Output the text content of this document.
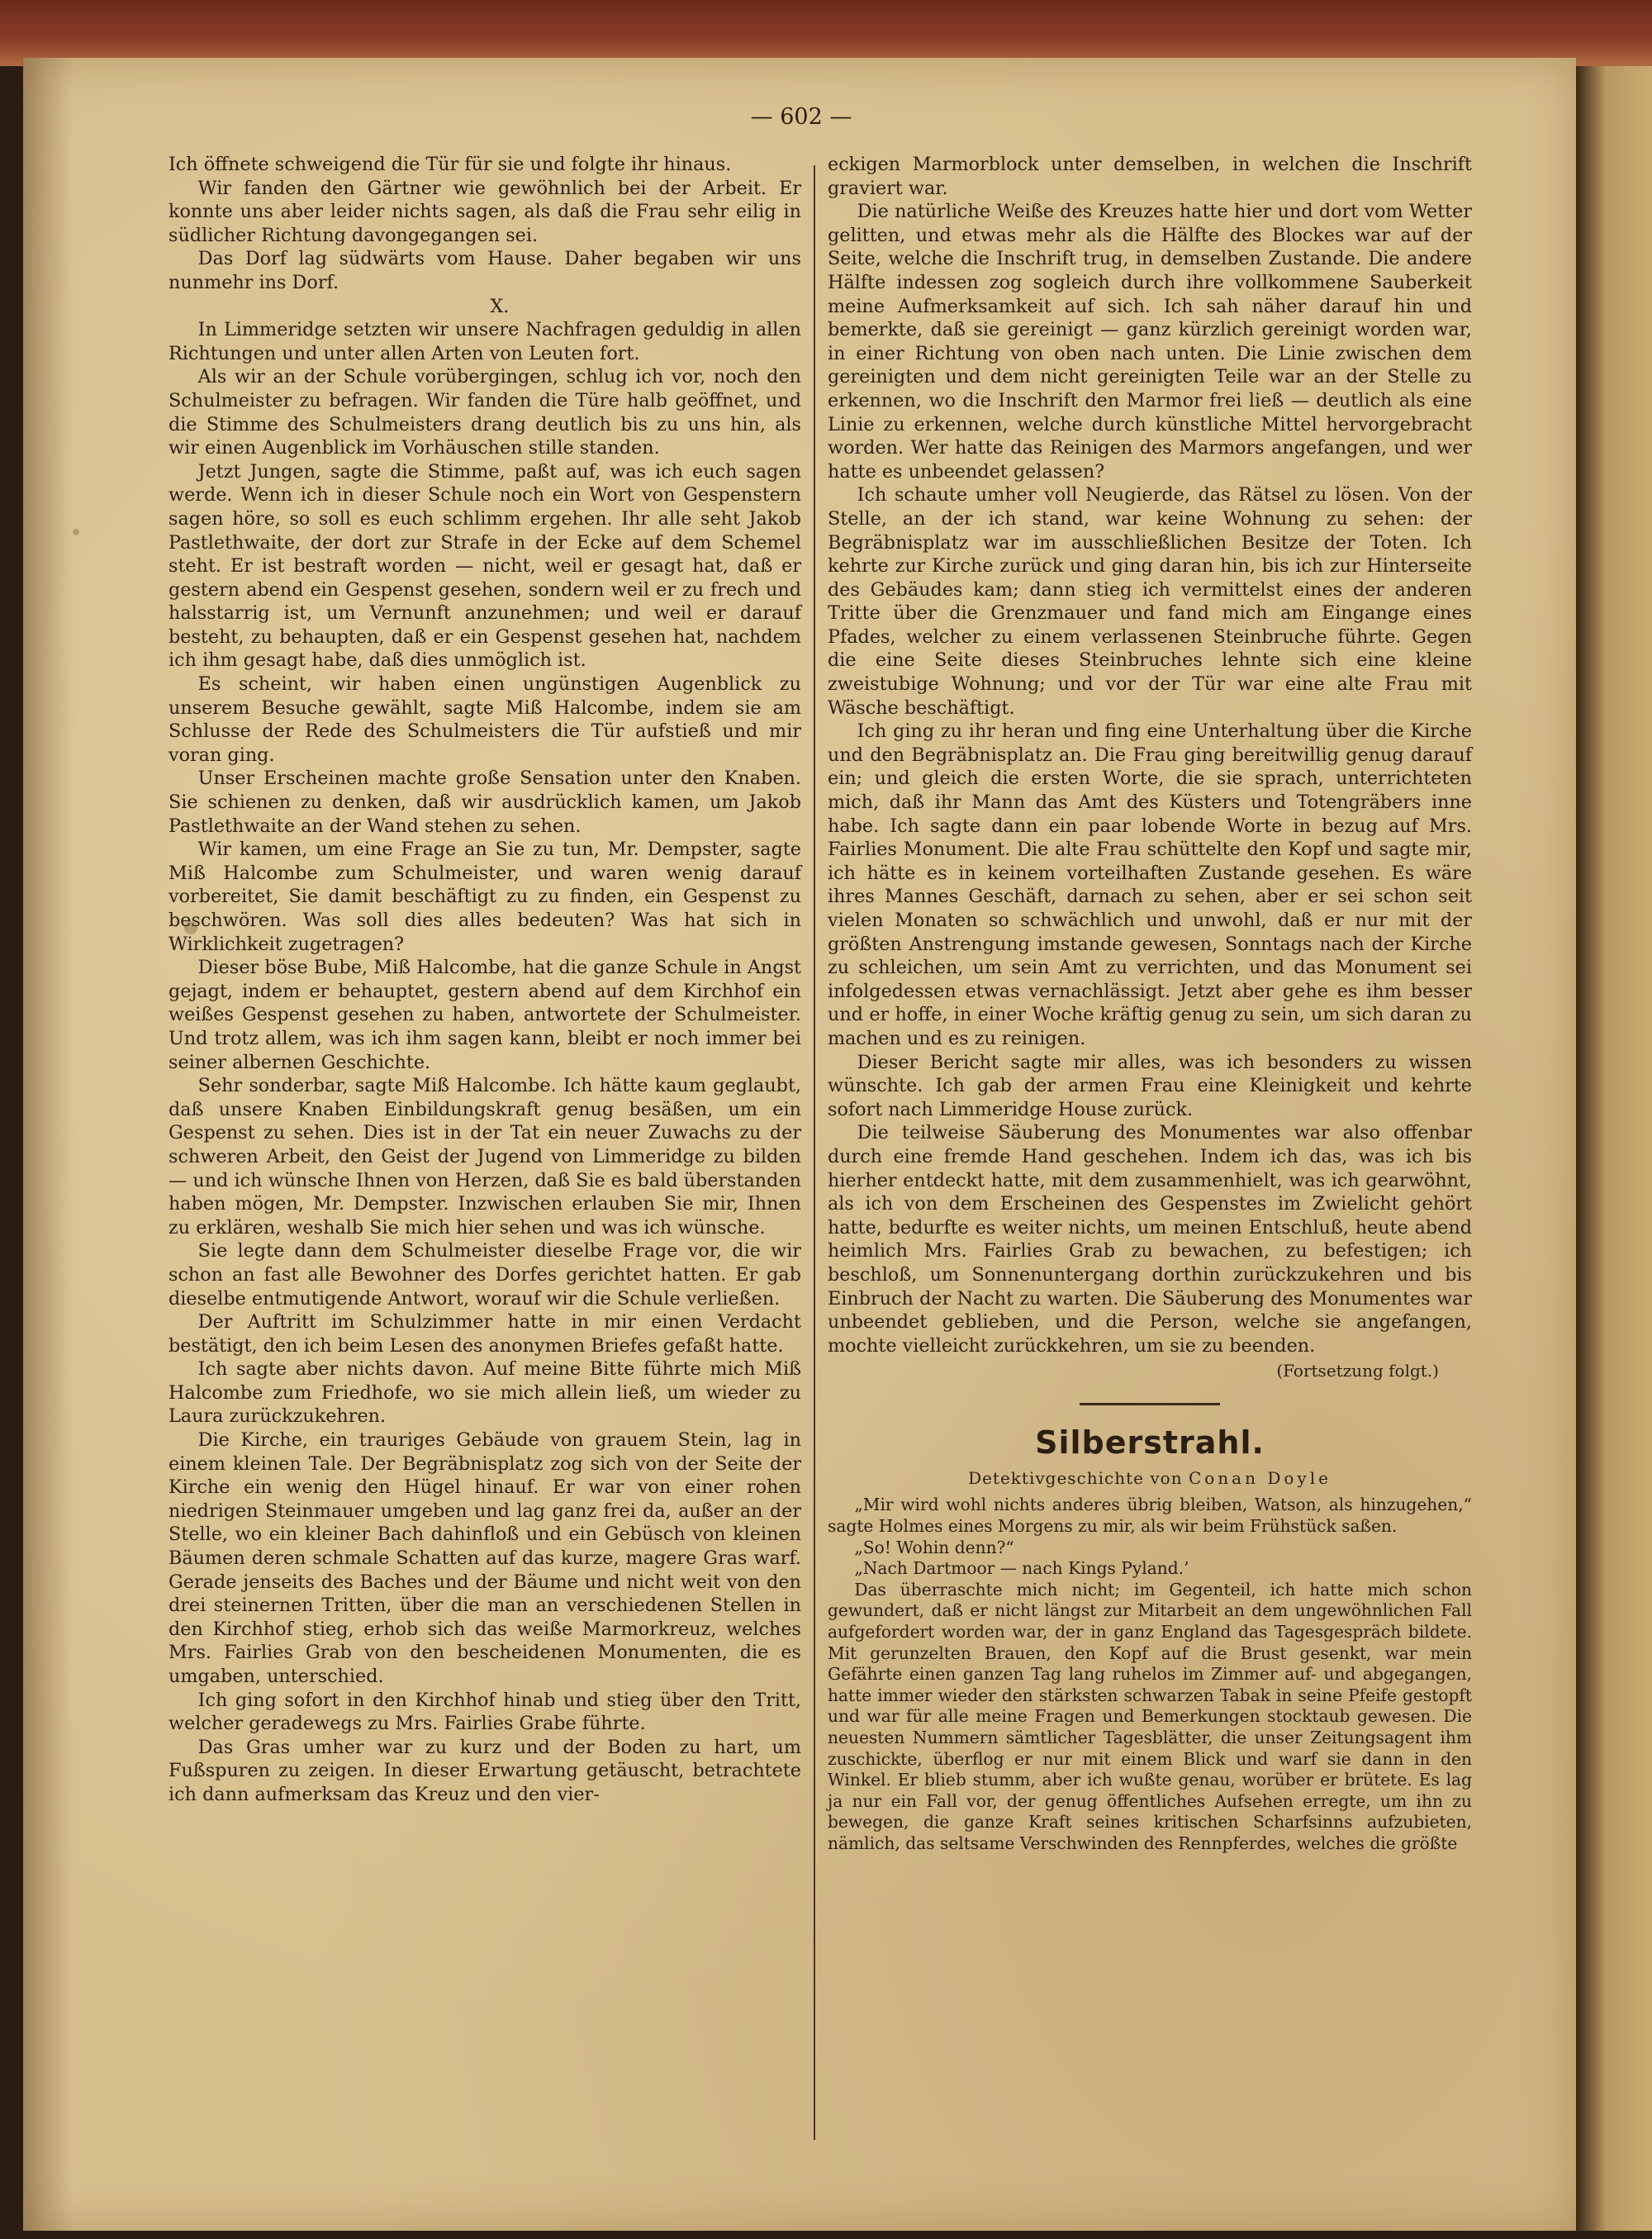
— 602 —

Ich öffnete schweigend die Tür für sie und folgte ihr hinaus.

Wir fanden den Gärtner wie gewöhnlich bei der Arbeit. Er konnte uns aber leider nichts sagen, als daß die Frau sehr eilig in südlicher Richtung davongegangen sei.

Das Dorf lag südwärts vom Hause. Daher begaben wir uns nunmehr ins Dorf.

X.

In Limmeridge setzten wir unsere Nachfragen geduldig in allen Richtungen und unter allen Arten von Leuten fort.

Als wir an der Schule vorübergingen, schlug ich vor, noch den Schulmeister zu befragen. Wir fanden die Türe halb geöffnet, und die Stimme des Schulmeisters drang deutlich bis zu uns hin, als wir einen Augenblick im Vorhäuschen stille standen.

Jetzt Jungen, sagte die Stimme, paßt auf, was ich euch sagen werde. Wenn ich in dieser Schule noch ein Wort von Gespenstern sagen höre, so soll es euch schlimm ergehen. Ihr alle seht Jakob Pastlethwaite, der dort zur Strafe in der Ecke auf dem Schemel steht. Er ist bestraft worden — nicht, weil er gesagt hat, daß er gestern abend ein Gespenst gesehen, sondern weil er zu frech und halsstarrig ist, um Vernunft anzunehmen; und weil er darauf besteht, zu behaupten, daß er ein Gespenst gesehen hat, nachdem ich ihm gesagt habe, daß dies unmöglich ist.

Es scheint, wir haben einen ungünstigen Augenblick zu unserem Besuche gewählt, sagte Miß Halcombe, indem sie am Schlusse der Rede des Schulmeisters die Tür aufstieß und mir voran ging.

Unser Erscheinen machte große Sensation unter den Knaben. Sie schienen zu denken, daß wir ausdrücklich kamen, um Jakob Pastlethwaite an der Wand stehen zu sehen.

Wir kamen, um eine Frage an Sie zu tun, Mr. Dempster, sagte Miß Halcombe zum Schulmeister, und waren wenig darauf vorbereitet, Sie damit beschäftigt zu zu finden, ein Gespenst zu beschwören. Was soll dies alles bedeuten? Was hat sich in Wirklichkeit zugetragen?

Dieser böse Bube, Miß Halcombe, hat die ganze Schule in Angst gejagt, indem er behauptet, gestern abend auf dem Kirchhof ein weißes Gespenst gesehen zu haben, antwortete der Schulmeister. Und trotz allem, was ich ihm sagen kann, bleibt er noch immer bei seiner albernen Geschichte.

Sehr sonderbar, sagte Miß Halcombe. Ich hätte kaum geglaubt, daß unsere Knaben Einbildungskraft genug besäßen, um ein Gespenst zu sehen. Dies ist in der Tat ein neuer Zuwachs zu der schweren Arbeit, den Geist der Jugend von Limmeridge zu bilden — und ich wünsche Ihnen von Herzen, daß Sie es bald überstanden haben mögen, Mr. Dempster. Inzwischen erlauben Sie mir, Ihnen zu erklären, weshalb Sie mich hier sehen und was ich wünsche.

Sie legte dann dem Schulmeister dieselbe Frage vor, die wir schon an fast alle Bewohner des Dorfes gerichtet hatten. Er gab dieselbe entmutigende Antwort, worauf wir die Schule verließen.

Der Auftritt im Schulzimmer hatte in mir einen Verdacht bestätigt, den ich beim Lesen des anonymen Briefes gefaßt hatte.

Ich sagte aber nichts davon. Auf meine Bitte führte mich Miß Halcombe zum Friedhofe, wo sie mich allein ließ, um wieder zu Laura zurückzukehren.

Die Kirche, ein trauriges Gebäude von grauem Stein, lag in einem kleinen Tale. Der Begräbnisplatz zog sich von der Seite der Kirche ein wenig den Hügel hinauf. Er war von einer rohen niedrigen Steinmauer umgeben und lag ganz frei da, außer an der Stelle, wo ein kleiner Bach dahinfloß und ein Gebüsch von kleinen Bäumen deren schmale Schatten auf das kurze, magere Gras warf. Gerade jenseits des Baches und der Bäume und nicht weit von den drei steinernen Tritten, über die man an verschiedenen Stellen in den Kirchhof stieg, erhob sich das weiße Marmorkreuz, welches Mrs. Fairlies Grab von den bescheidenen Monumenten, die es umgaben, unterschied.

Ich ging sofort in den Kirchhof hinab und stieg über den Tritt, welcher geradewegs zu Mrs. Fairlies Grabe führte.

Das Gras umher war zu kurz und der Boden zu hart, um Fußspuren zu zeigen. In dieser Erwartung getäuscht, betrachtete ich dann aufmerksam das Kreuz und den vier-

eckigen Marmorblock unter demselben, in welchen die Inschrift graviert war.

Die natürliche Weiße des Kreuzes hatte hier und dort vom Wetter gelitten, und etwas mehr als die Hälfte des Blockes war auf der Seite, welche die Inschrift trug, in demselben Zustande. Die andere Hälfte indessen zog sogleich durch ihre vollkommene Sauberkeit meine Aufmerksamkeit auf sich. Ich sah näher darauf hin und bemerkte, daß sie gereinigt — ganz kürzlich gereinigt worden war, in einer Richtung von oben nach unten. Die Linie zwischen dem gereinigten und dem nicht gereinigten Teile war an der Stelle zu erkennen, wo die Inschrift den Marmor frei ließ — deutlich als eine Linie zu erkennen, welche durch künstliche Mittel hervorgebracht worden. Wer hatte das Reinigen des Marmors angefangen, und wer hatte es unbeendet gelassen?

Ich schaute umher voll Neugierde, das Rätsel zu lösen. Von der Stelle, an der ich stand, war keine Wohnung zu sehen: der Begräbnisplatz war im ausschließlichen Besitze der Toten. Ich kehrte zur Kirche zurück und ging daran hin, bis ich zur Hinterseite des Gebäudes kam; dann stieg ich vermittelst eines der anderen Tritte über die Grenzmauer und fand mich am Eingange eines Pfades, welcher zu einem verlassenen Steinbruche führte. Gegen die eine Seite dieses Steinbruches lehnte sich eine kleine zweistubige Wohnung; und vor der Tür war eine alte Frau mit Wäsche beschäftigt.

Ich ging zu ihr heran und fing eine Unterhaltung über die Kirche und den Begräbnisplatz an. Die Frau ging bereitwillig genug darauf ein; und gleich die ersten Worte, die sie sprach, unterrichteten mich, daß ihr Mann das Amt des Küsters und Totengräbers inne habe. Ich sagte dann ein paar lobende Worte in bezug auf Mrs. Fairlies Monument. Die alte Frau schüttelte den Kopf und sagte mir, ich hätte es in keinem vorteilhaften Zustande gesehen. Es wäre ihres Mannes Geschäft, darnach zu sehen, aber er sei schon seit vielen Monaten so schwächlich und unwohl, daß er nur mit der größten Anstrengung imstande gewesen, Sonntags nach der Kirche zu schleichen, um sein Amt zu verrichten, und das Monument sei infolgedessen etwas vernachlässigt. Jetzt aber gehe es ihm besser und er hoffe, in einer Woche kräftig genug zu sein, um sich daran zu machen und es zu reinigen.

Dieser Bericht sagte mir alles, was ich besonders zu wissen wünschte. Ich gab der armen Frau eine Kleinigkeit und kehrte sofort nach Limmeridge House zurück.

Die teilweise Säuberung des Monumentes war also offenbar durch eine fremde Hand geschehen. Indem ich das, was ich bis hierher entdeckt hatte, mit dem zusammenhielt, was ich gearwöhnt, als ich von dem Erscheinen des Gespenstes im Zwielicht gehört hatte, bedurfte es weiter nichts, um meinen Entschluß, heute abend heimlich Mrs. Fairlies Grab zu bewachen, zu befestigen; ich beschloß, um Sonnenuntergang dorthin zurückzukehren und bis Einbruch der Nacht zu warten. Die Säuberung des Monumentes war unbeendet geblieben, und die Person, welche sie angefangen, mochte vielleicht zurückkehren, um sie zu beenden.

(Fortsetzung folgt.)
Silberstrahl.
Detektivgeschichte von Conan Doyle

„Mir wird wohl nichts anderes übrig bleiben, Watson, als hinzugehen,“ sagte Holmes eines Morgens zu mir, als wir beim Frühstück saßen.

„So! Wohin denn?“

„Nach Dartmoor — nach Kings Pyland.’

Das überraschte mich nicht; im Gegenteil, ich hatte mich schon gewundert, daß er nicht längst zur Mitarbeit an dem ungewöhnlichen Fall aufgefordert worden war, der in ganz England das Tagesgespräch bildete. Mit gerunzelten Brauen, den Kopf auf die Brust gesenkt, war mein Gefährte einen ganzen Tag lang ruhelos im Zimmer auf- und abgegangen, hatte immer wieder den stärksten schwarzen Tabak in seine Pfeife gestopft und war für alle meine Fragen und Bemerkungen stocktaub gewesen. Die neuesten Nummern sämtlicher Tagesblätter, die unser Zeitungsagent ihm zuschickte, überflog er nur mit einem Blick und warf sie dann in den Winkel. Er blieb stumm, aber ich wußte genau, worüber er brütete. Es lag ja nur ein Fall vor, der genug öffentliches Aufsehen erregte, um ihn zu bewegen, die ganze Kraft seines kritischen Scharfsinns aufzubieten, nämlich, das seltsame Verschwinden des Rennpferdes, welches die größte
